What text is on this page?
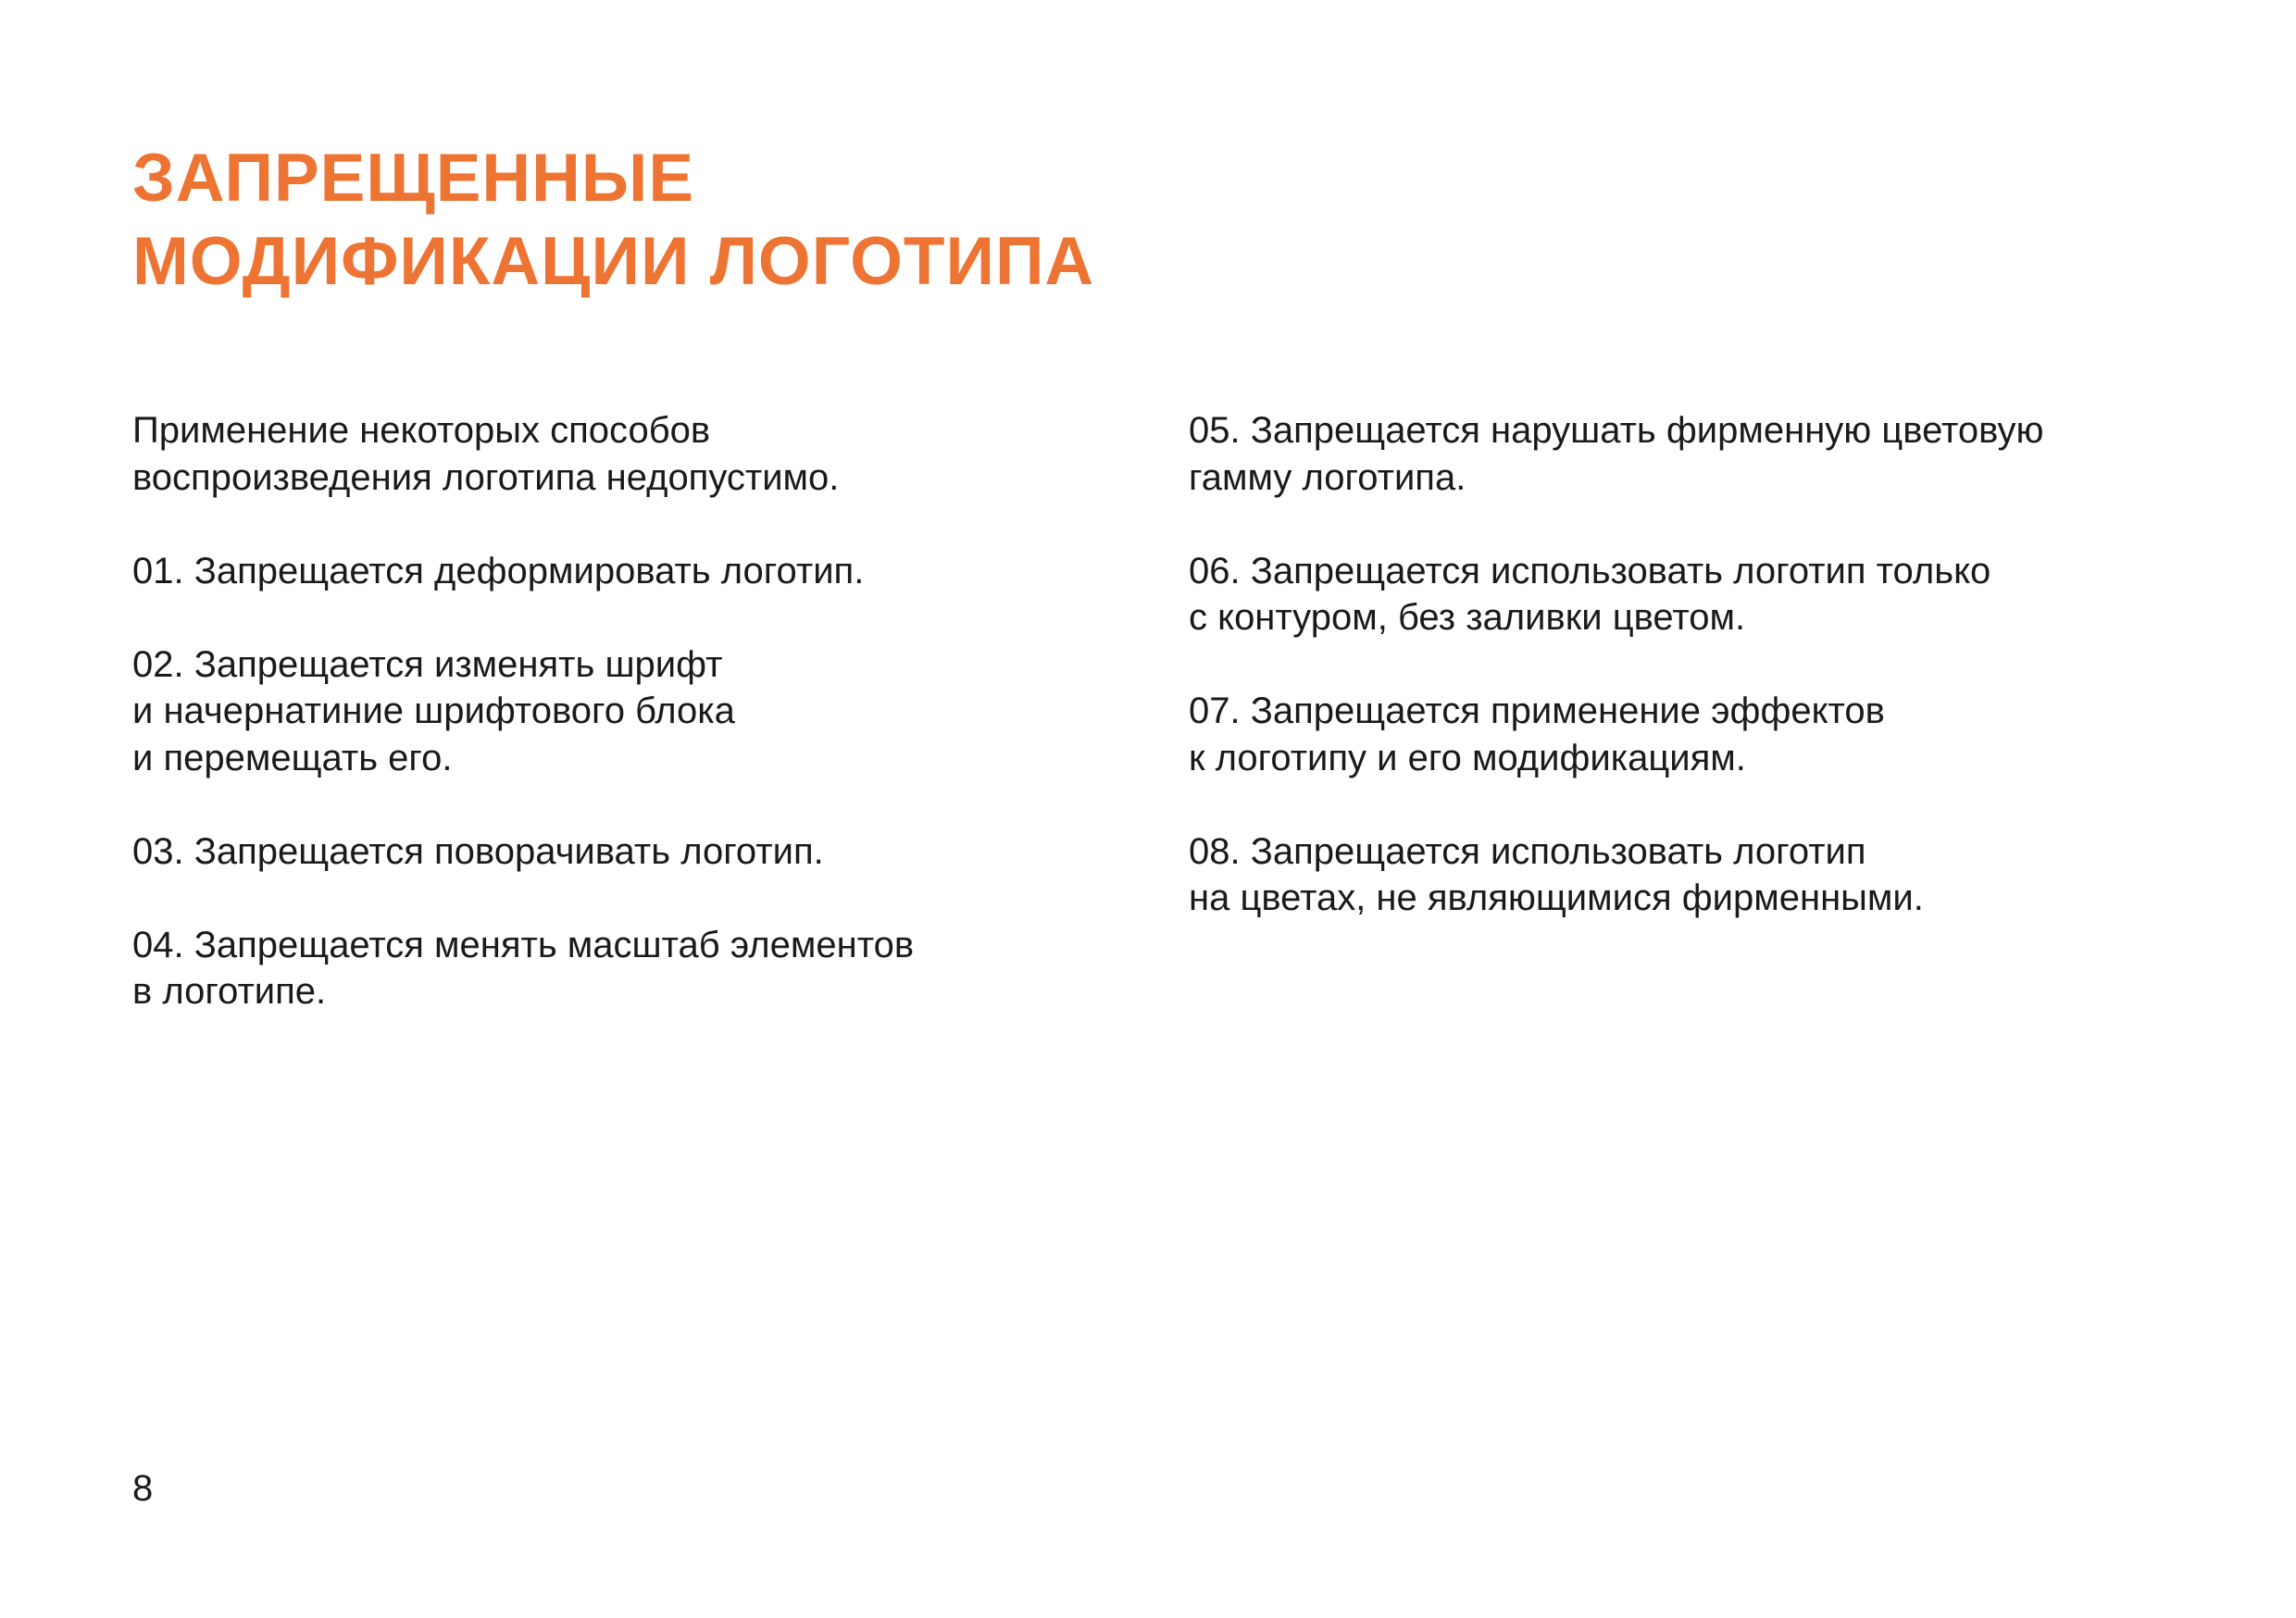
ЗАПРЕЩЕННЫЕ
МОДИФИКАЦИИ ЛОГОТИПА

Применение некоторых способов
воспроизведения логотипа недопустимо.

01. Запрещается деформировать логотип.

02. Запрещается изменять шрифт
и начернатиние шрифтового блока
и перемещать его.

03. Запрещается поворачивать логотип.

04. Запрещается менять масштаб элементов
в логотипе.

05. Запрещается нарушать фирменную цветовую
гамму логотипа.

06. Запрещается использовать логотип только
с контуром, без заливки цветом.

07. Запрещается применение эффектов
к логотипу и его модификациям.

08. Запрещается использовать логотип
на цветах, не являющимися фирменными.

8
